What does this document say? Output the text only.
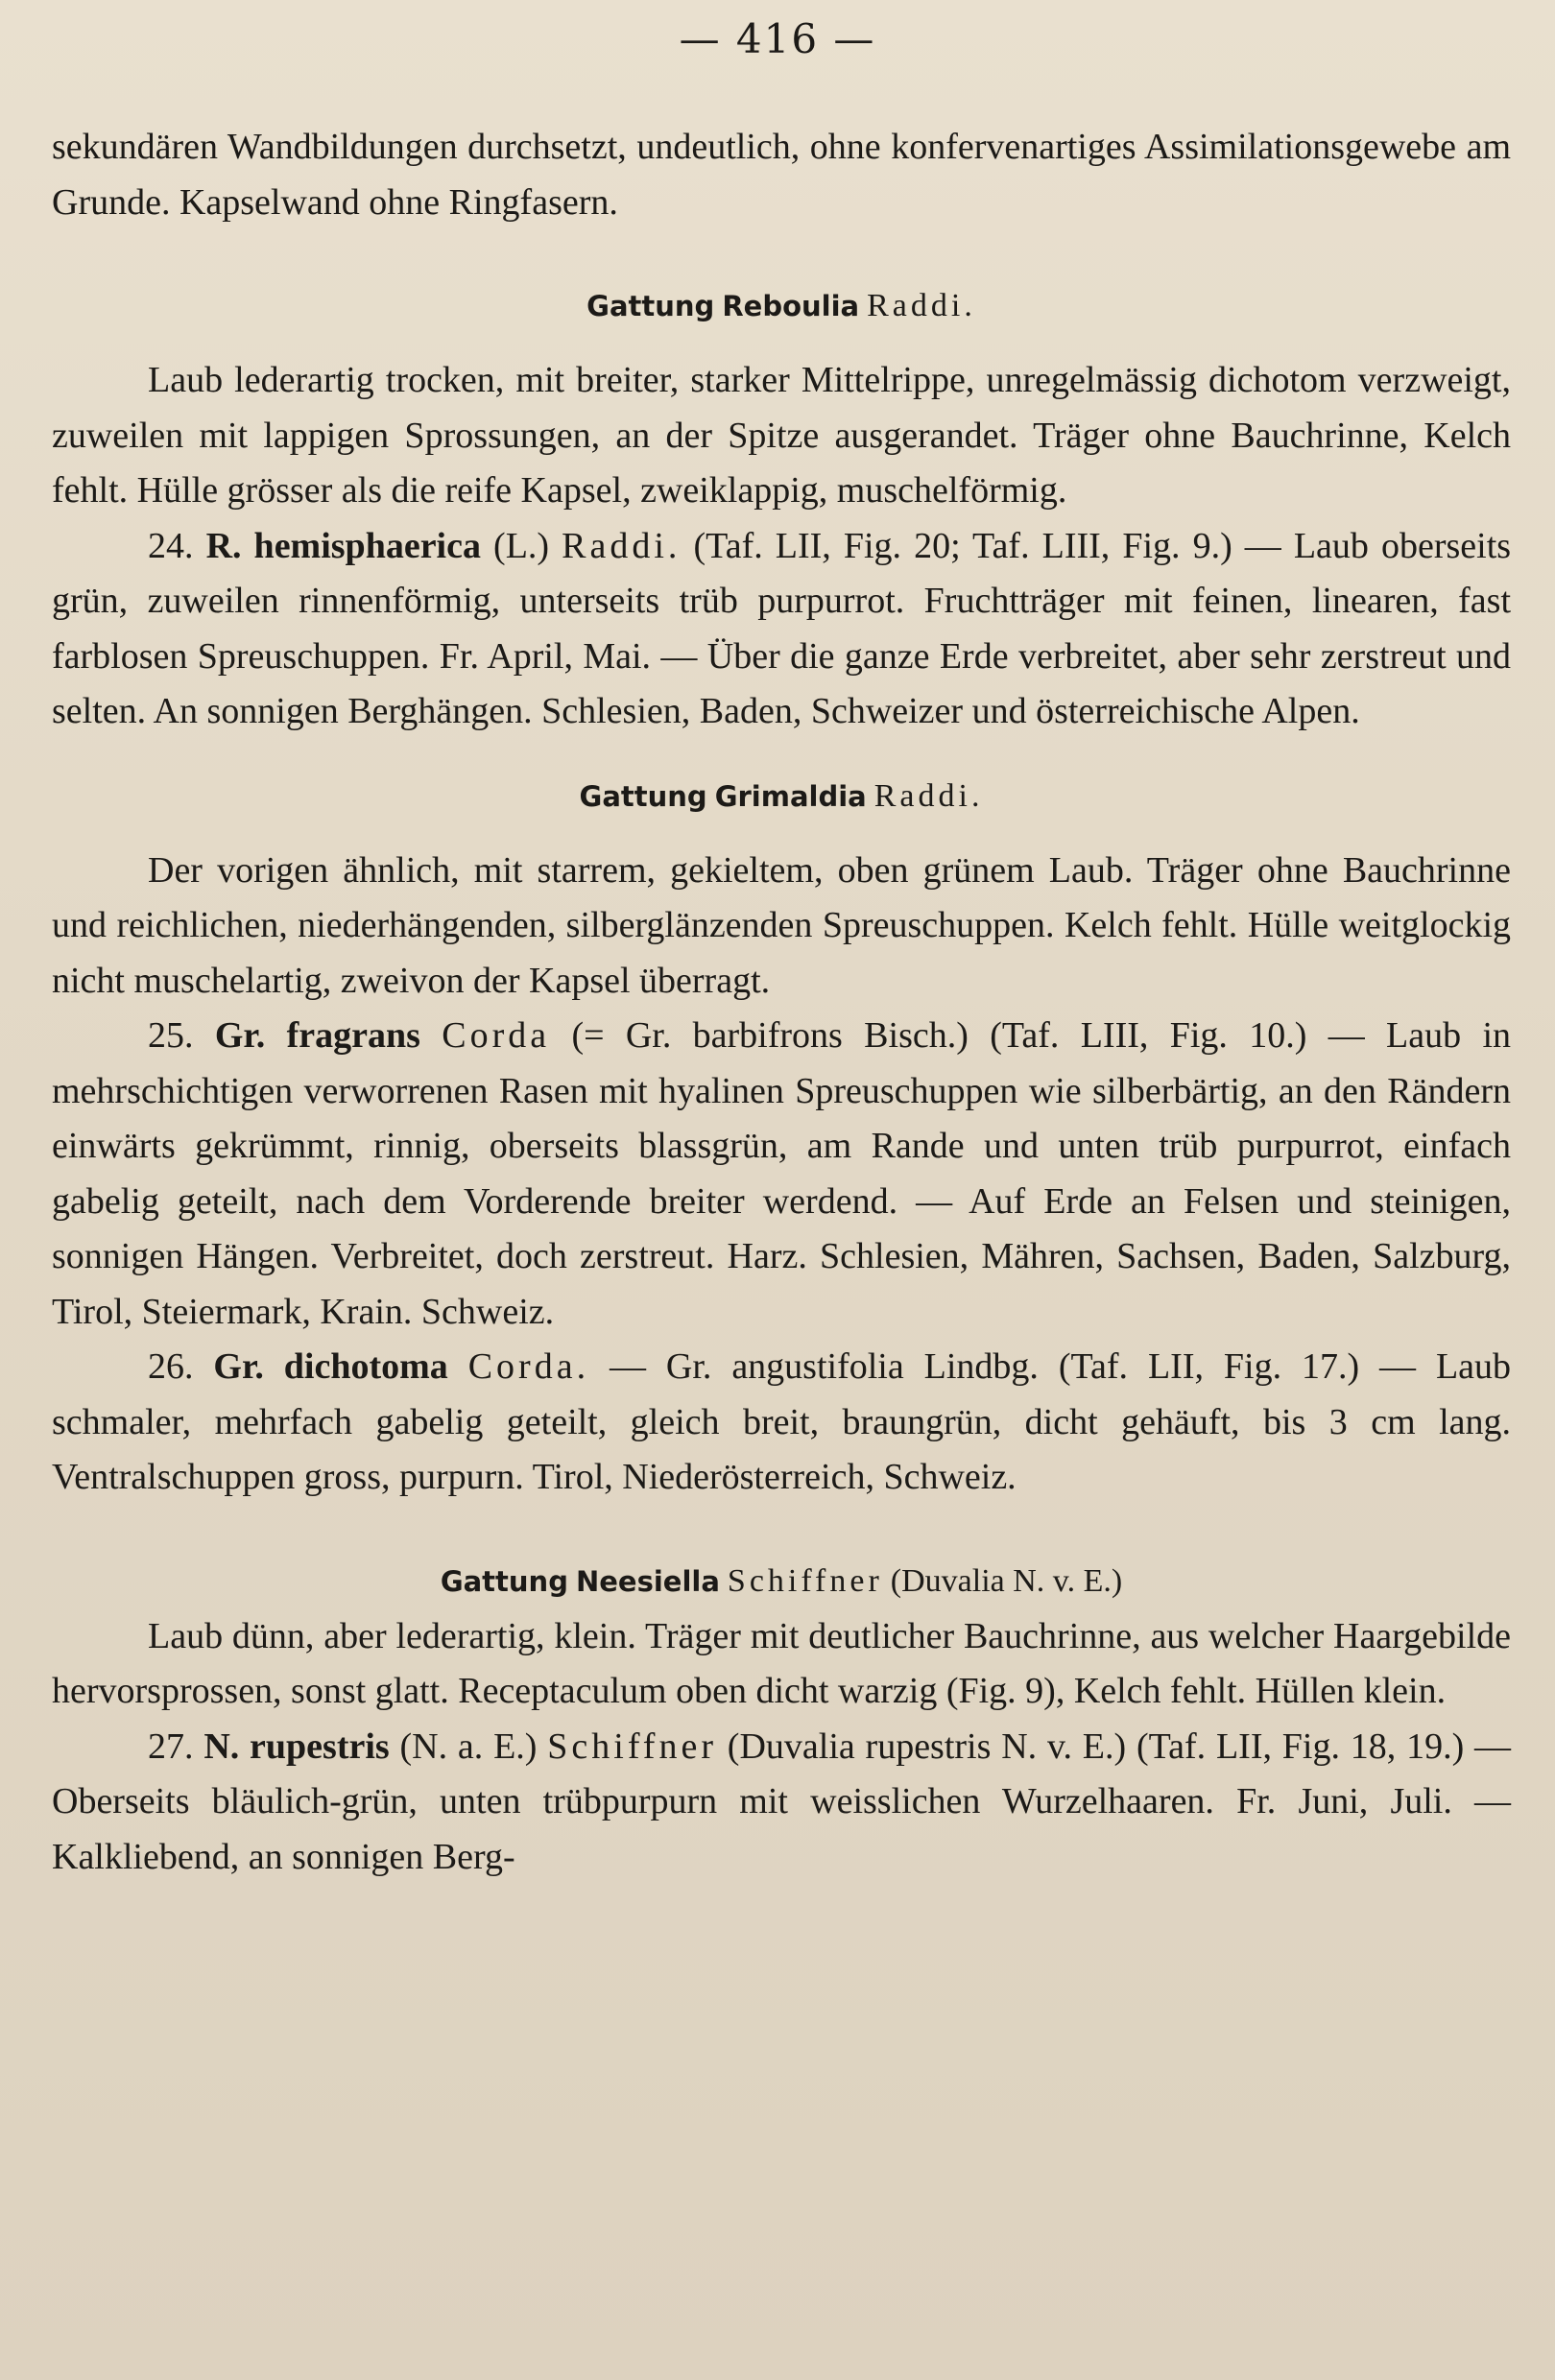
— 416 —

sekundären Wandbildungen durchsetzt, undeutlich, ohne konfervenartiges Assimilationsgewebe am Grunde. Kapselwand ohne Ringfasern.

Gattung Reboulia Raddi.

Laub lederartig trocken, mit breiter, starker Mittelrippe, unregelmässig dichotom verzweigt, zuweilen mit lappigen Sprossungen, an der Spitze ausgerandet. Träger ohne Bauchrinne, Kelch fehlt. Hülle grösser als die reife Kapsel, zweiklappig, muschelförmig.

24. R. hemisphaerica (L.) Raddi. (Taf. LII, Fig. 20; Taf. LIII, Fig. 9.) — Laub oberseits grün, zuweilen rinnenförmig, unterseits trüb purpurrot. Fruchtträger mit feinen, linearen, fast farblosen Spreuschuppen. Fr. April, Mai. — Über die ganze Erde verbreitet, aber sehr zerstreut und selten. An sonnigen Berghängen. Schlesien, Baden, Schweizer und österreichische Alpen.

Gattung Grimaldia Raddi.

Der vorigen ähnlich, mit starrem, gekieltem, oben grünem Laub. Träger ohne Bauchrinne und reichlichen, niederhängenden, silberglänzenden Spreuschuppen. Kelch fehlt. Hülle weitglockig nicht muschelartig, zweivon der Kapsel überragt.

25. Gr. fragrans Corda (= Gr. barbifrons Bisch.) (Taf. LIII, Fig. 10.) — Laub in mehrschichtigen verworrenen Rasen mit hyalinen Spreuschuppen wie silberbärtig, an den Rändern einwärts gekrümmt, rinnig, oberseits blassgrün, am Rande und unten trüb purpurrot, einfach gabelig geteilt, nach dem Vorderende breiter werdend. — Auf Erde an Felsen und steinigen, sonnigen Hängen. Verbreitet, doch zerstreut. Harz. Schlesien, Mähren, Sachsen, Baden, Salzburg, Tirol, Steiermark, Krain. Schweiz.

26. Gr. dichotoma Corda. — Gr. angustifolia Lindbg. (Taf. LII, Fig. 17.) — Laub schmaler, mehrfach gabelig geteilt, gleich breit, braungrün, dicht gehäuft, bis 3 cm lang. Ventralschuppen gross, purpurn. Tirol, Niederösterreich, Schweiz.

Gattung Neesiella Schiffner (Duvalia N. v. E.)

Laub dünn, aber lederartig, klein. Träger mit deutlicher Bauchrinne, aus welcher Haargebilde hervorsprossen, sonst glatt. Receptaculum oben dicht warzig (Fig. 9), Kelch fehlt. Hüllen klein.

27. N. rupestris (N. a. E.) Schiffner (Duvalia rupestris N. v. E.) (Taf. LII, Fig. 18, 19.) — Oberseits bläulich-grün, unten trübpurpurn mit weisslichen Wurzelhaaren. Fr. Juni, Juli. — Kalkliebend, an sonnigen Berg-
